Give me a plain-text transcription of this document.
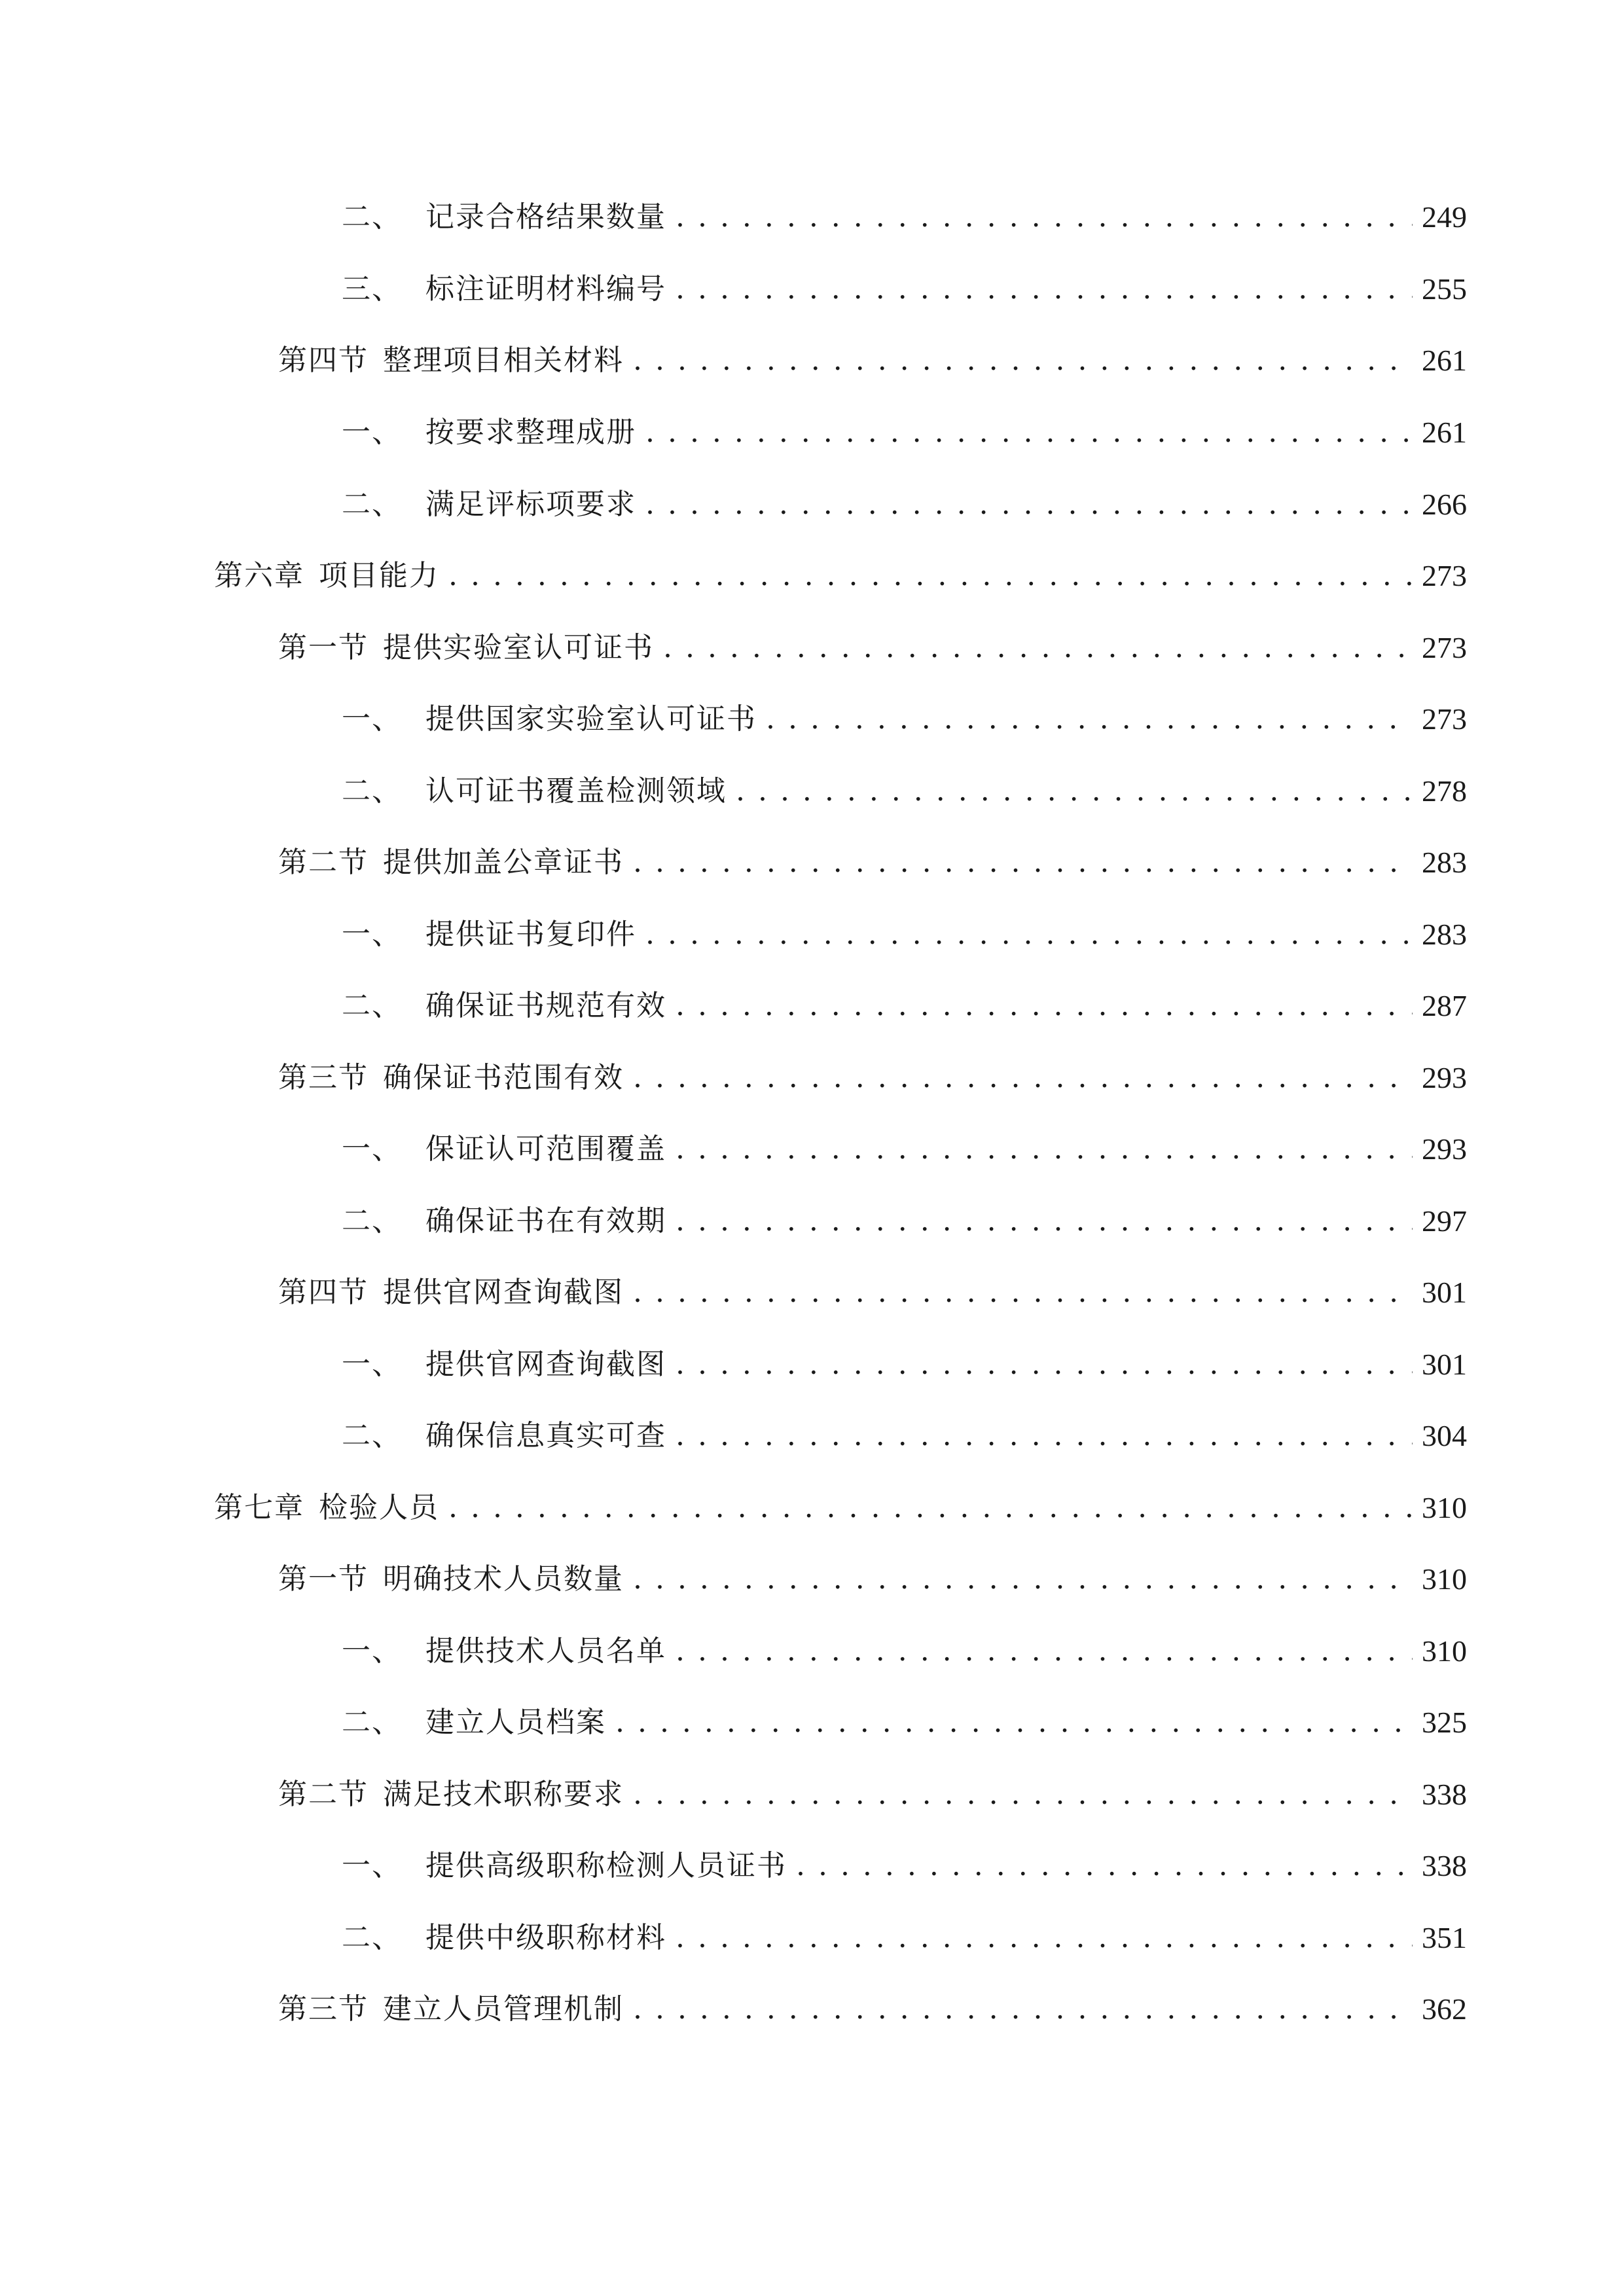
二、 记录合格结果数量 . . .	249
三、 标注证明材料编号 . . .	255
第四节 整理项目相关材料 . . .	261
一、 按要求整理成册 . . .	261
二、 满足评标项要求 . . .	266
第六章 项目能力 . . .	273
第一节 提供实验室认可证书 . . .	273
一、 提供国家实验室认可证书 . . .	273
二、 认可证书覆盖检测领域 . . .	278
第二节 提供加盖公章证书 . . .	283
一、 提供证书复印件 . . .	283
二、 确保证书规范有效 . . .	287
第三节 确保证书范围有效 . . .	293
一、 保证认可范围覆盖 . . .	293
二、 确保证书在有效期 . . .	297
第四节 提供官网查询截图 . . .	301
一、 提供官网查询截图 . . .	301
二、 确保信息真实可查 . . .	304
第七章 检验人员 . . .	310
第一节 明确技术人员数量 . . .	310
一、 提供技术人员名单 . . .	310
二、 建立人员档案 . . .	325
第二节 满足技术职称要求 . . .	338
一、 提供高级职称检测人员证书 . . .	338
二、 提供中级职称材料 . . .	351
第三节 建立人员管理机制 . . .	362
